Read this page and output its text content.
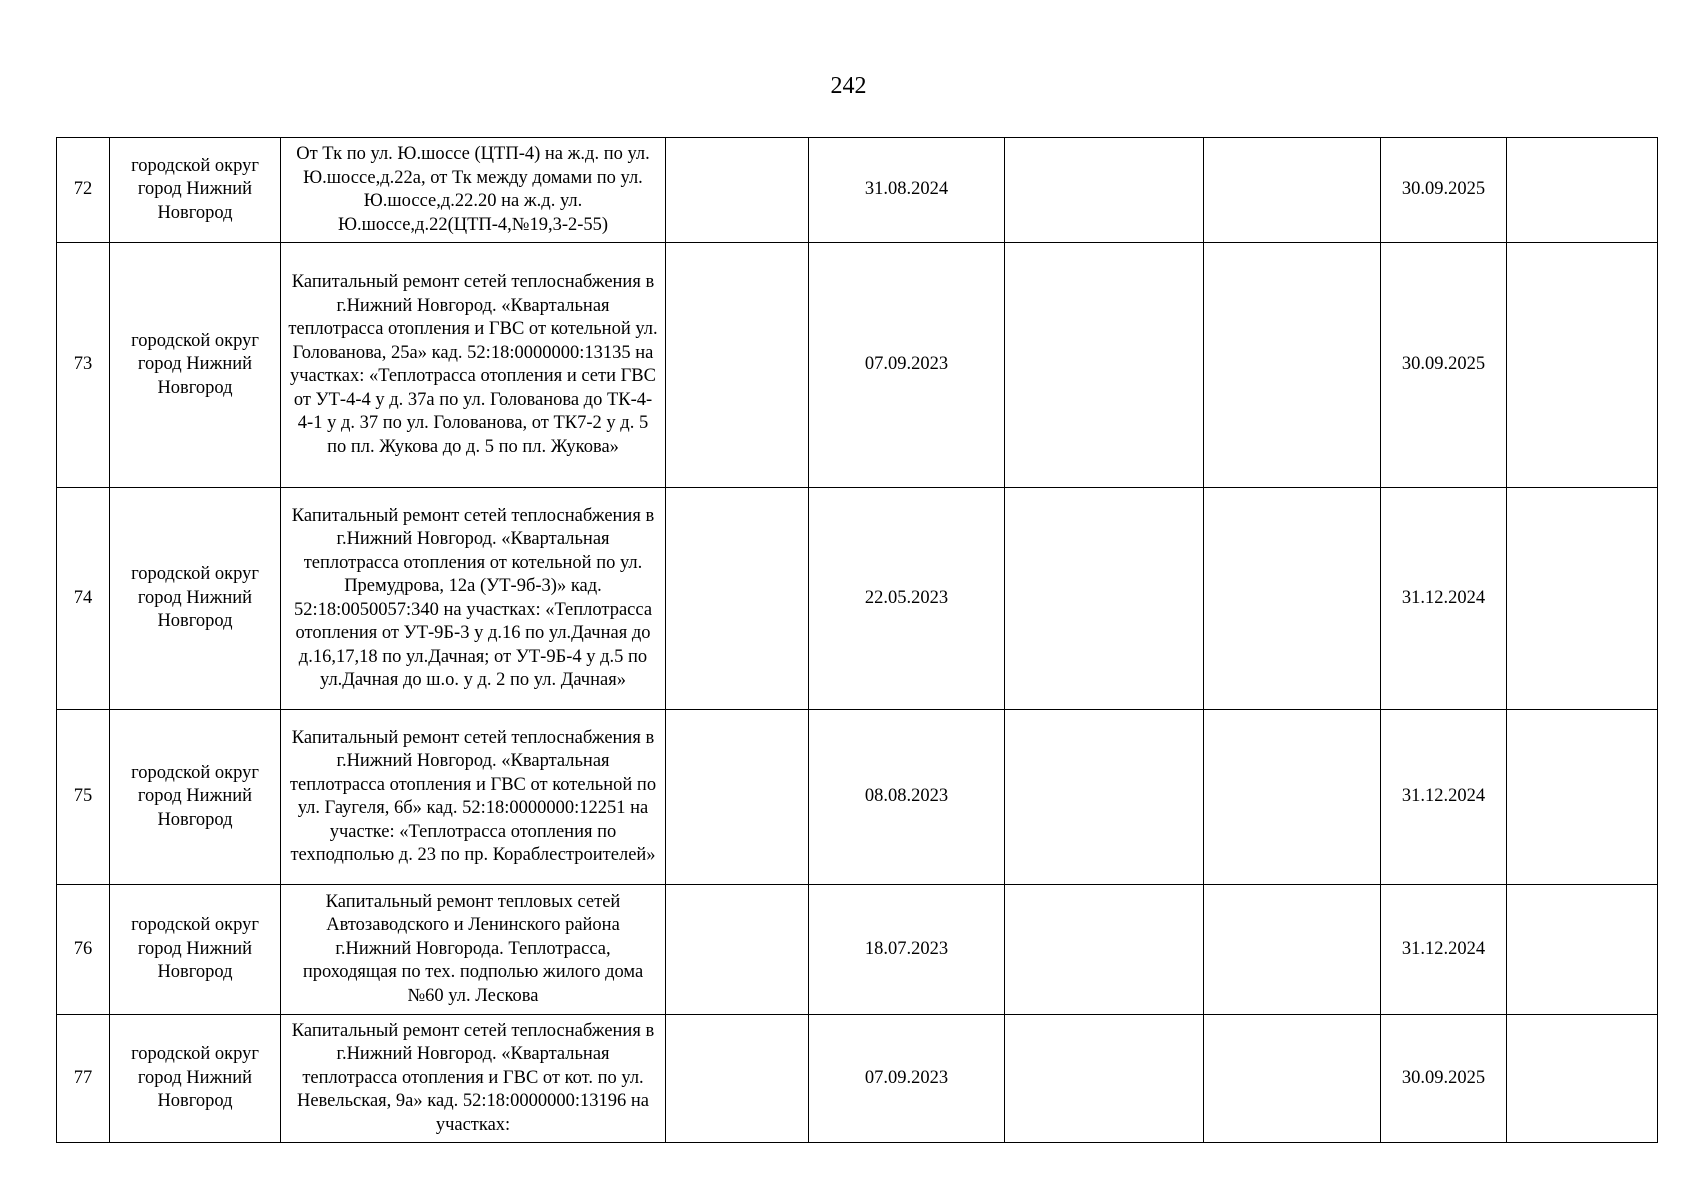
242
72	городской округ город Нижний Новгород	От Тк по ул. Ю.шоссе (ЦТП-4) на ж.д. по ул. Ю.шоссе,д.22а, от Тк между домами по ул. Ю.шоссе,д.22.20 на ж.д. ул. Ю.шоссе,д.22(ЦТП-4,№19,3-2-55)		31.08.2024			30.09.2025	
73	городской округ город Нижний Новгород	Капитальный ремонт сетей теплоснабжения в г.Нижний Новгород. «Квартальная теплотрасса отопления и ГВС от котельной ул. Голованова, 25а» кад. 52:18:0000000:13135 на участках: «Теплотрасса отопления и сети ГВС от УТ-4-4 у д. 37а по ул. Голованова до ТК-4-4-1 у д. 37 по ул. Голованова, от ТК7-2 у д. 5 по пл. Жукова до д. 5 по пл. Жукова»		07.09.2023			30.09.2025	
74	городской округ город Нижний Новгород	Капитальный ремонт сетей теплоснабжения в г.Нижний Новгород. «Квартальная теплотрасса отопления от котельной по ул. Премудрова, 12а (УТ-9б-3)» кад. 52:18:0050057:340 на участках: «Теплотрасса отопления от УТ-9Б-3 у д.16 по ул.Дачная до д.16,17,18 по ул.Дачная; от УТ-9Б-4 у д.5 по ул.Дачная до ш.о. у д. 2 по ул. Дачная»		22.05.2023			31.12.2024	
75	городской округ город Нижний Новгород	Капитальный ремонт сетей теплоснабжения в г.Нижний Новгород. «Квартальная теплотрасса отопления и ГВС от котельной по ул. Гаугеля, 6б» кад. 52:18:0000000:12251 на участке: «Теплотрасса отопления по техподполью д. 23 по пр. Кораблестроителей»		08.08.2023			31.12.2024	
76	городской округ город Нижний Новгород	Капитальный ремонт тепловых сетей Автозаводского и Ленинского района г.Нижний Новгорода. Теплотрасса, проходящая по тех. подполью жилого дома №60 ул. Лескова		18.07.2023			31.12.2024	
77	городской округ город Нижний Новгород	Капитальный ремонт сетей теплоснабжения в г.Нижний Новгород. «Квартальная теплотрасса отопления и ГВС от кот. по ул. Невельская, 9а» кад. 52:18:0000000:13196 на участках:		07.09.2023			30.09.2025	
